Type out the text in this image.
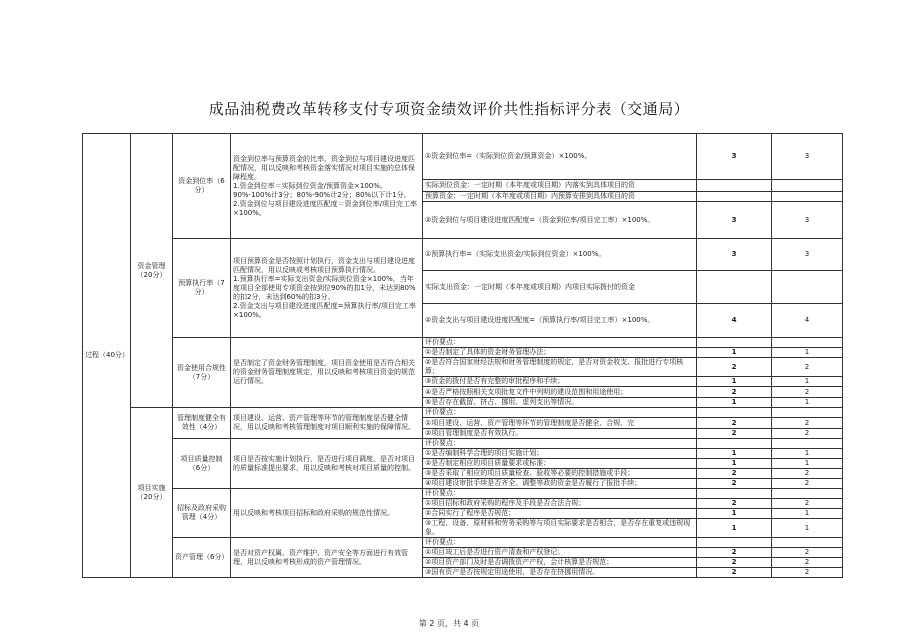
成品油税费改革转移支付专项资金绩效评价共性指标评分表（交通局）
过程（40分）	资金管理（20分）	资金到位率（6分）	资金到位率与预算资金的比率，资金到位与项目建设进度匹配情况，用以反映和考核资金落实情况对项目实施的总体保障程度。
1.资金到位率＝实际到位资金/预算资金×100%。
90%-100%计3分；80%-90%计2分；80%以下计1分。
2.资金到位与项目建设进度匹配度＝资金到位率/项目完工率×100%。	①资金到位率=（实际到位资金/预算资金）×100%。	3	3
				实际到位资金：一定时期（本年度或项目期）内落实到具体项目的资		
				预算资金：一定时期（本年度或项目期）内预算安排到具体项目的资		
				②资金到位与项目建设进度匹配度=（资金到位率/项目完工率）×100%。	3	3
		预算执行率（7分）	项目预算资金是否按照计划执行，资金支出与项目建设进度匹配情况，用以反映或考核项目预算执行情况。
1.预算执行率=实际支出资金/实际到位资金×100%，当年度项目全部使用专项资金按到位90%的扣1分，未达到80%的扣2分，未达到60%的扣3分。
2.资金支出与项目建设进度匹配度=预算执行率/项目完工率×100%。	①预算执行率=（实际支出资金/实际到位资金）×100%。	3	3
				实际支出资金：一定时期（本年度或项目期）内项目实际拨付的资金		
				②资金支出与项目建设进度匹配度=（预算执行率/项目完工率）×100%。	4	4
		资金使用合规性（7分）	是否制定了资金财务管理制度，项目资金使用是否符合相关的资金财务管理制度规定，用以反映和考核项目资金的规范运行情况。	评价要点：		
				①是否制定了具体的资金财务管理办法；	1	1
				②是否符合国家财经法规和财务管理制度的规定，是否对资金收支、报批进行专项核算；	2	2
				③资金的拨付是否有完整的审批程序和手续；	1	1
				④是否严格按照相关支项批复文件中列明的建设范围和用途使用；	2	2
				⑤是否存在截留、挤占、挪用、虚列支出等情况。	1	1
	项目实施（20分）	管理制度健全有效性（4分）	项目建设、运营、资产管理等环节的管理制度是否健全情况，用以反映和考核管理制度对项目顺利实施的保障情况。	评价要点：		
				①项目建设、运营、资产管理等环节的管理制度是否健全、合规、完	2	2
				②项目管理制度是否有效执行。	2	2
		项目质量控制（6分）	项目是否按实施计划执行，是否进行项目调度，是否对项目的质量标准提出要求，用以反映和考核对项目质量的控制。	评价要点：		
				①是否编制科学合理的项目实施计划；	1	1
				②是否制定相应的项目质量要求或标准；	1	1
				③是否采取了相应的项目质量检查、验收等必要的控制措施或手段；	2	2
				④项目建设审批手续是否齐全、调整等政的资金是否履行了报批手续；	2	2
		招标及政府采购管理（4分）	用以反映和考核项目招标和政府采购的规范性情况。	评价要点：		
				①项目招标和政府采购的程序及手段是否合法合规；	2	2
				②合同实行了程序是否规范；	1	1
				③工程、设备、原材料和劳务采购等与项目实际要求是否相合，是否存在重复或违规现象。	1	1
		资产管理（6分）	是否对资产权属、资产维护、资产安全等方面进行有效管理，用以反映和考核形成的资产管理情况。	评价要点：		
				①项目竣工后是否进行资产清查和产权登记；	2	2
				②项目资产部门及时是否调拨资产产权，会计核算是否规范；	2	2
				③国有资产是否按规定用途使用，是否存在挤挪用情况。	2	2
第 2 页，共 4 页
